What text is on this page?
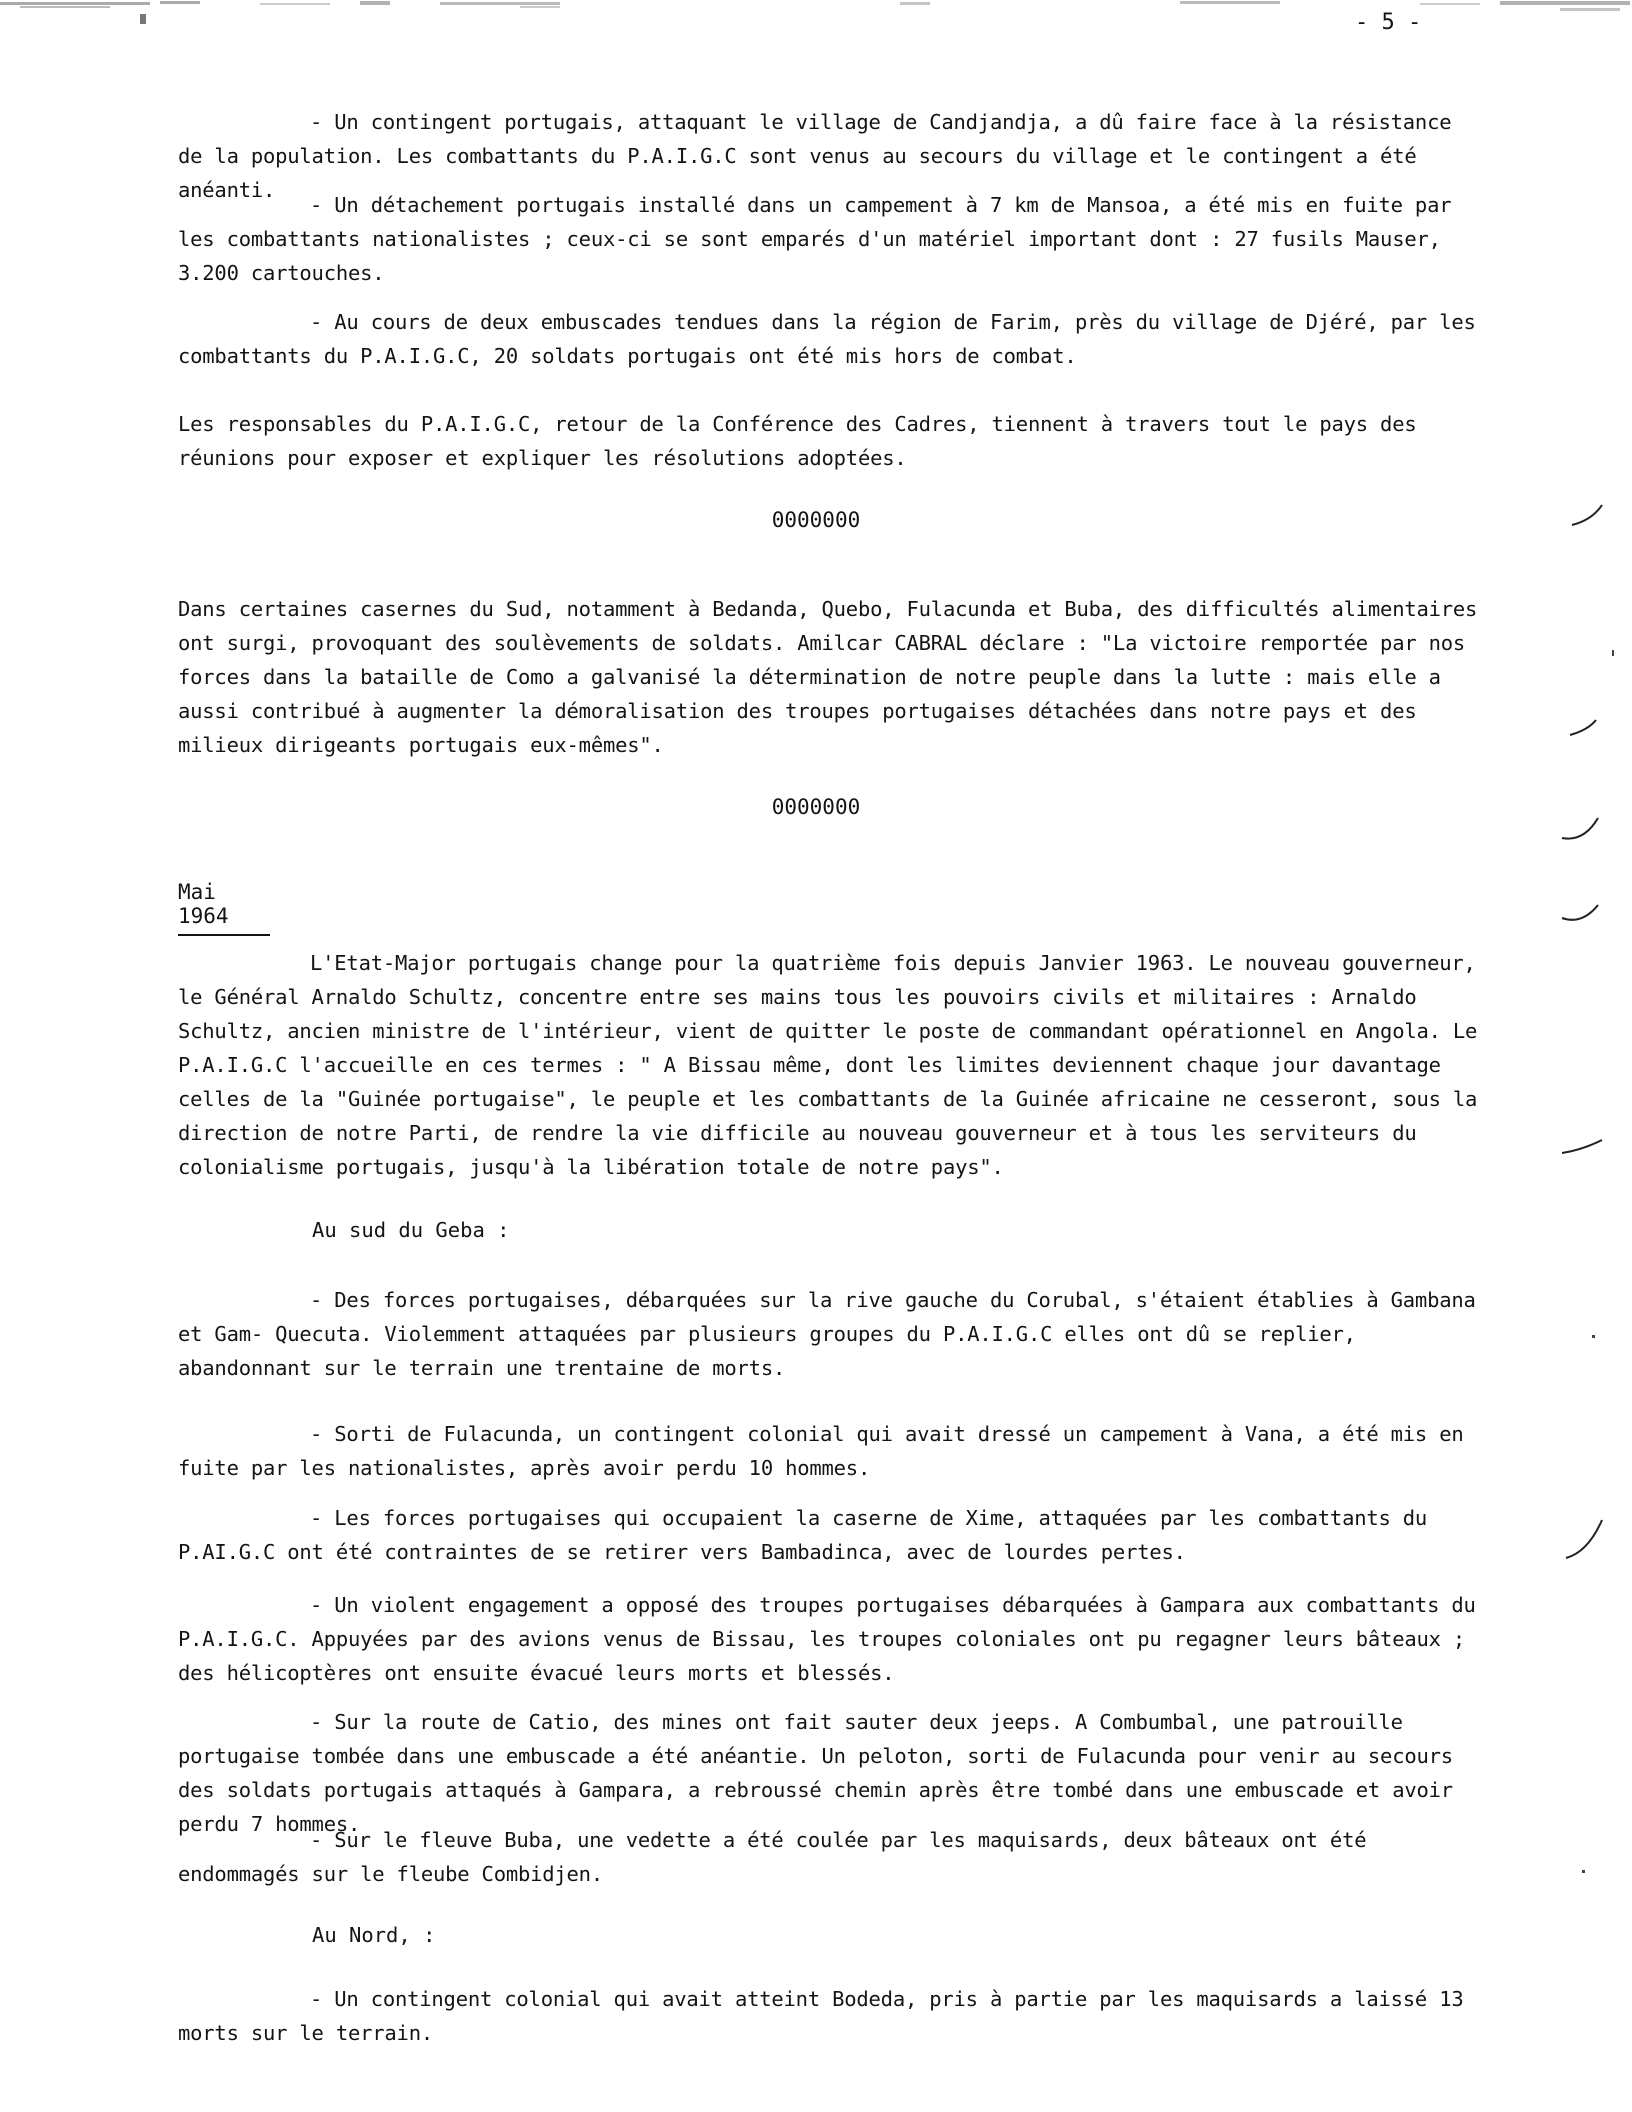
- 5 -

- Un contingent portugais, attaquant le village de Candjandja, a dû faire face à la résistance de la population. Les combattants du P.A.I.G.C sont venus au secours du village et le contingent a été anéanti.

- Un détachement portugais installé dans un campement à 7 km de Mansoa, a été mis en fuite par les combattants nationalistes ; ceux-ci se sont emparés d'un matériel important dont : 27 fusils Mauser, 3.200 cartouches.

- Au cours de deux embuscades tendues dans la région de Farim, près du village de Djéré, par les combattants du P.A.I.G.C, 20 soldats portugais ont été mis hors de combat.

Les responsables du P.A.I.G.C, retour de la Conférence des Cadres, tiennent à travers tout le pays des réunions pour exposer et expliquer les résolutions adoptées.

0000000

Dans certaines casernes du Sud, notamment à Bedanda, Quebo, Fulacunda et Buba, des difficultés alimentaires ont surgi, provoquant des soulèvements de soldats. Amilcar CABRAL déclare : "La victoire remportée par nos forces dans la bataille de Como a galvanisé la détermination de notre peuple dans la lutte : mais elle a aussi contribué à augmenter la démoralisation des troupes portugaises détachées dans notre pays et des milieux dirigeants portugais eux-mêmes".

0000000

Mai 1964

L'Etat-Major portugais change pour la quatrième fois depuis Janvier 1963. Le nouveau gouverneur, le Général Arnaldo Schultz, concentre entre ses mains tous les pouvoirs civils et militaires : Arnaldo Schultz, ancien ministre de l'intérieur, vient de quitter le poste de commandant opérationnel en Angola. Le P.A.I.G.C l'accueille en ces termes : " A Bissau même, dont les limites deviennent chaque jour davantage celles de la "Guinée portugaise", le peuple et les combattants de la Guinée africaine ne cesseront, sous la direction de notre Parti, de rendre la vie difficile au nouveau gouverneur et à tous les serviteurs du colonialisme portugais, jusqu'à la libération totale de notre pays".

Au sud du Geba :

- Des forces portugaises, débarquées sur la rive gauche du Corubal, s'étaient établies à Gambana et Gam- Quecuta. Violemment attaquées par plusieurs groupes du P.A.I.G.C elles ont dû se replier, abandonnant sur le terrain une trentaine de morts.

- Sorti de Fulacunda, un contingent colonial qui avait dressé un campement à Vana, a été mis en fuite par les nationalistes, après avoir perdu 10 hommes.

- Les forces portugaises qui occupaient la caserne de Xime, attaquées par les combattants du P.AI.G.C ont été contraintes de se retirer vers Bambadinca, avec de lourdes pertes.

- Un violent engagement a opposé des troupes portugaises débarquées à Gampara aux combattants du P.A.I.G.C. Appuyées par des avions venus de Bissau, les troupes coloniales ont pu regagner leurs bâteaux ; des hélicoptères ont ensuite évacué leurs morts et blessés.

- Sur la route de Catio, des mines ont fait sauter deux jeeps. A Combumbal, une patrouille portugaise tombée dans une embuscade a été anéantie. Un peloton, sorti de Fulacunda pour venir au secours des soldats portugais attaqués à Gampara, a rebroussé chemin après être tombé dans une embuscade et avoir perdu 7 hommes.

- Sur le fleuve Buba, une vedette a été coulée par les maquisards, deux bâteaux ont été endommagés sur le fleube Combidjen.

Au Nord, :

- Un contingent colonial qui avait atteint Bodeda, pris à partie par les maquisards a laissé 13 morts sur le terrain.
